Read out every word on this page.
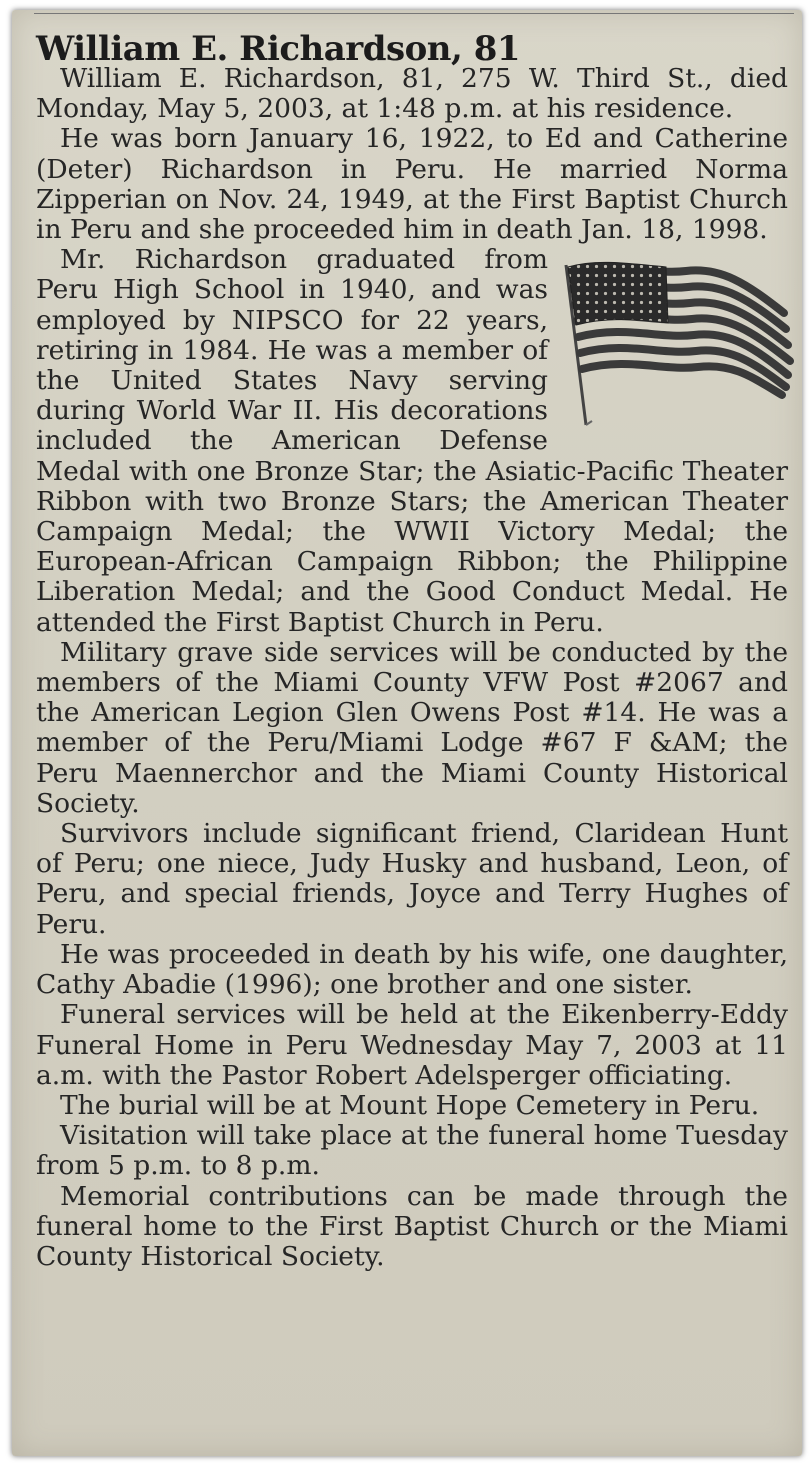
William E. Richardson, 81

William E. Richardson, 81, 275 W. Third St., died Monday, May 5, 2003, at 1:48 p.m. at his residence.

He was born January 16, 1922, to Ed and Catherine (Deter) Richardson in Peru. He married Norma Zipperian on Nov. 24, 1949, at the First Baptist Church in Peru and she proceeded him in death Jan. 18, 1998.

Mr. Richardson graduated from Peru High School in 1940, and was employed by NIPSCO for 22 years, retiring in 1984. He was a member of the United States Navy serving during World War II. His decorations included the American Defense Medal with one Bronze Star; the Asiatic-Pacific Theater Ribbon with two Bronze Stars; the American Theater Campaign Medal; the WWII Victory Medal; the European-African Campaign Ribbon; the Philippine Liberation Medal; and the Good Conduct Medal. He attended the First Baptist Church in Peru.

Military grave side services will be conducted by the members of the Miami County VFW Post #2067 and the American Legion Glen Owens Post #14. He was a member of the Peru/Miami Lodge #67 F &AM; the Peru Maennerchor and the Miami County Historical Society.

Survivors include significant friend, Claridean Hunt of Peru; one niece, Judy Husky and husband, Leon, of Peru, and special friends, Joyce and Terry Hughes of Peru.

He was proceeded in death by his wife, one daughter, Cathy Abadie (1996); one brother and one sister.

Funeral services will be held at the Eikenberry-Eddy Funeral Home in Peru Wednesday May 7, 2003 at 11 a.m. with the Pastor Robert Adelsperger officiating.

The burial will be at Mount Hope Cemetery in Peru.

Visitation will take place at the funeral home Tuesday from 5 p.m. to 8 p.m.

Memorial contributions can be made through the funeral home to the First Baptist Church or the Miami County Historical Society.
